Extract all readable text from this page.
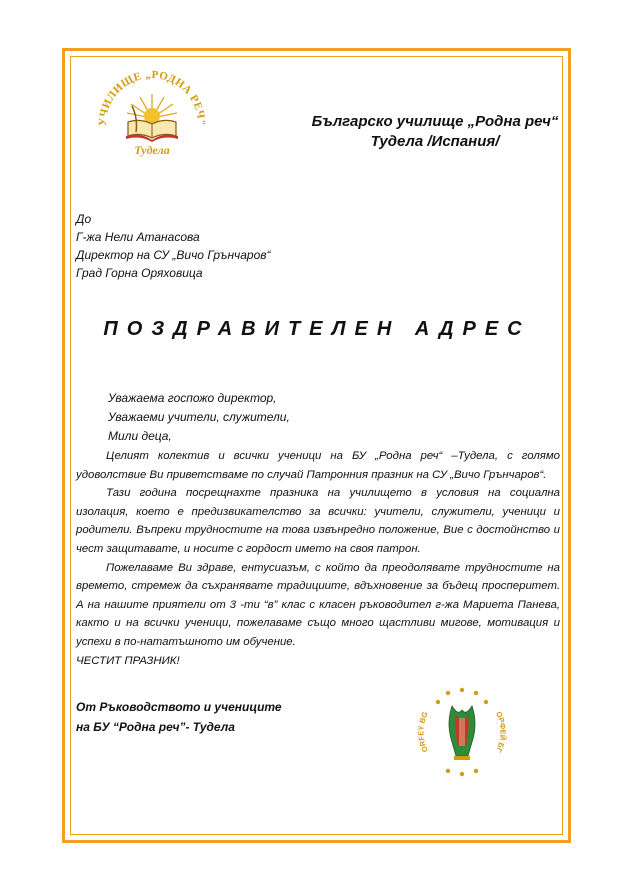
УЧИЛИЩЕ „РОДНА РЕЧ"
Тудела
Българско училище „Родна реч“
Тудела /Испания/
До
Г-жа Нели Атанасова
Директор на СУ „Вичо Грънчаров“
Град Горна Оряховица
ПОЗДРАВИТЕЛЕН АДРЕС
Уважаема госпожо директор,
Уважаеми учители, служители,
Мили деца,

Целият колектив и всички ученици на БУ „Родна реч“ –Тудела, с голямо удоволствие Ви приветстваме по случай Патронния празник на СУ „Вичо Грънчаров“.

Тази година посрещнахте празника на училището в условия на социална изолация, което е предизвикателство за всички: учители, служители, ученици и родители. Въпреки трудностите на това извънредно положение, Вие с достойнство и чест защитавате, и носите с гордост името на своя патрон.

Пожелаваме Ви здраве, ентусиазъм, с който да преодолявате трудностите на времето, стремеж да съхранявате традициите, вдъхновение за бъдещ просперитет. А на нашите приятели от 3 -ти “в” клас с класен ръководител г-жа Мариета Панева, както и на всички ученици, пожелаваме също много щастливи мигове, мотивация и успехи в по-нататъшното им обучение.

ЧЕСТИТ ПРАЗНИК!

От Ръководството и учениците
на БУ “Родна реч”- Тудела
ORFEY BG	ОРФЕЙ БГ
